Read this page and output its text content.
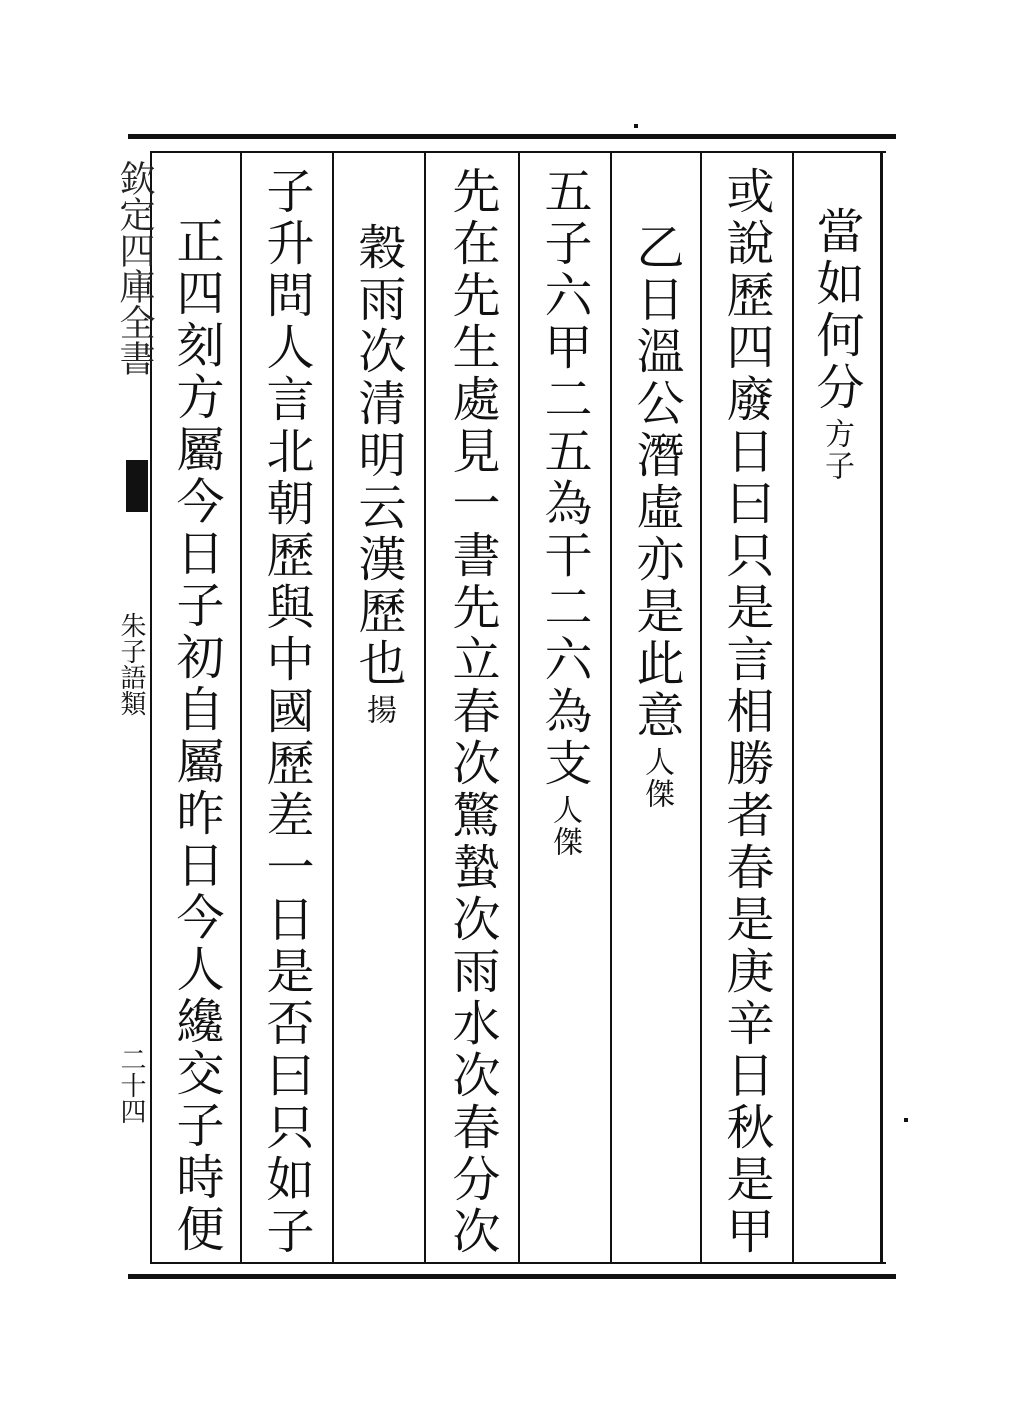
欽定四庫全書
朱子語類
二十四
當如何分方子
或說歷四廢日曰只是言相勝者春是庚辛日秋是甲
乙日溫公潛虛亦是此意人傑
五子六甲二五為干二六為支人傑
先在先生處見一書先立春次驚蟄次雨水次春分次
穀雨次清明云漢歷也揚
子升問人言北朝歷與中國歷差一日是否曰只如子
正四刻方屬今日子初自屬昨日今人纔交子時便
